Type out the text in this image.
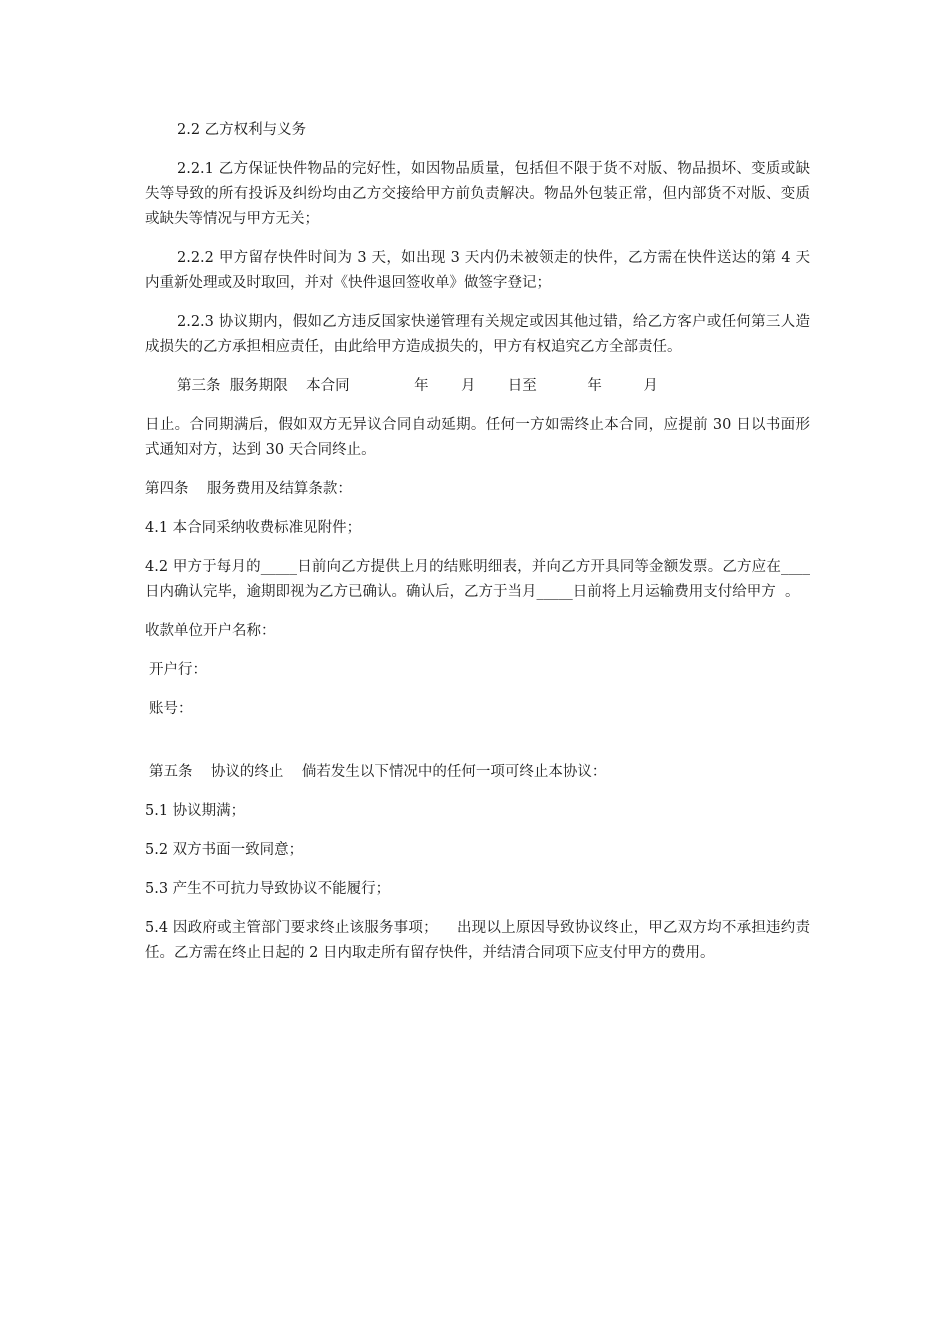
2.2 乙方权利与义务

2.2.1 乙方保证快件物品的完好性，如因物品质量，包括但不限于货不对版、物品损坏、变质或缺失等导致的所有投诉及纠纷均由乙方交接给甲方前负责解决。物品外包装正常，但内部货不对版、变质或缺失等情况与甲方无关；

2.2.2 甲方留存快件时间为 3 天，如出现 3 天内仍未被领走的快件，乙方需在快件送达的第 4 天内重新处理或及时取回，并对《快件退回签收单》做签字登记；

2.2.3 协议期内，假如乙方违反国家快递管理有关规定或因其他过错，给乙方客户或任何第三人造成损失的乙方承担相应责任，由此给甲方造成损失的，甲方有权追究乙方全部责任。

第三条  服务期限    本合同              年       月       日至           年         月

日止。合同期满后，假如双方无异议合同自动延期。任何一方如需终止本合同，应提前 30 日以书面形式通知对方，达到 30 天合同终止。

第四条    服务费用及结算条款：

4.1 本合同采纳收费标准见附件；

4.2 甲方于每月的_____日前向乙方提供上月的结账明细表，并向乙方开具同等金额发票。乙方应在____日内确认完毕，逾期即视为乙方已确认。确认后，乙方于当月_____日前将上月运输费用支付给甲方  。

收款单位开户名称：

开户行：

账号：

第五条    协议的终止    倘若发生以下情况中的任何一项可终止本协议：

5.1 协议期满；

5.2 双方书面一致同意；

5.3 产生不可抗力导致协议不能履行；

5.4 因政府或主管部门要求终止该服务事项；    出现以上原因导致协议终止，甲乙双方均不承担违约责任。乙方需在终止日起的 2 日内取走所有留存快件，并结清合同项下应支付甲方的费用。
